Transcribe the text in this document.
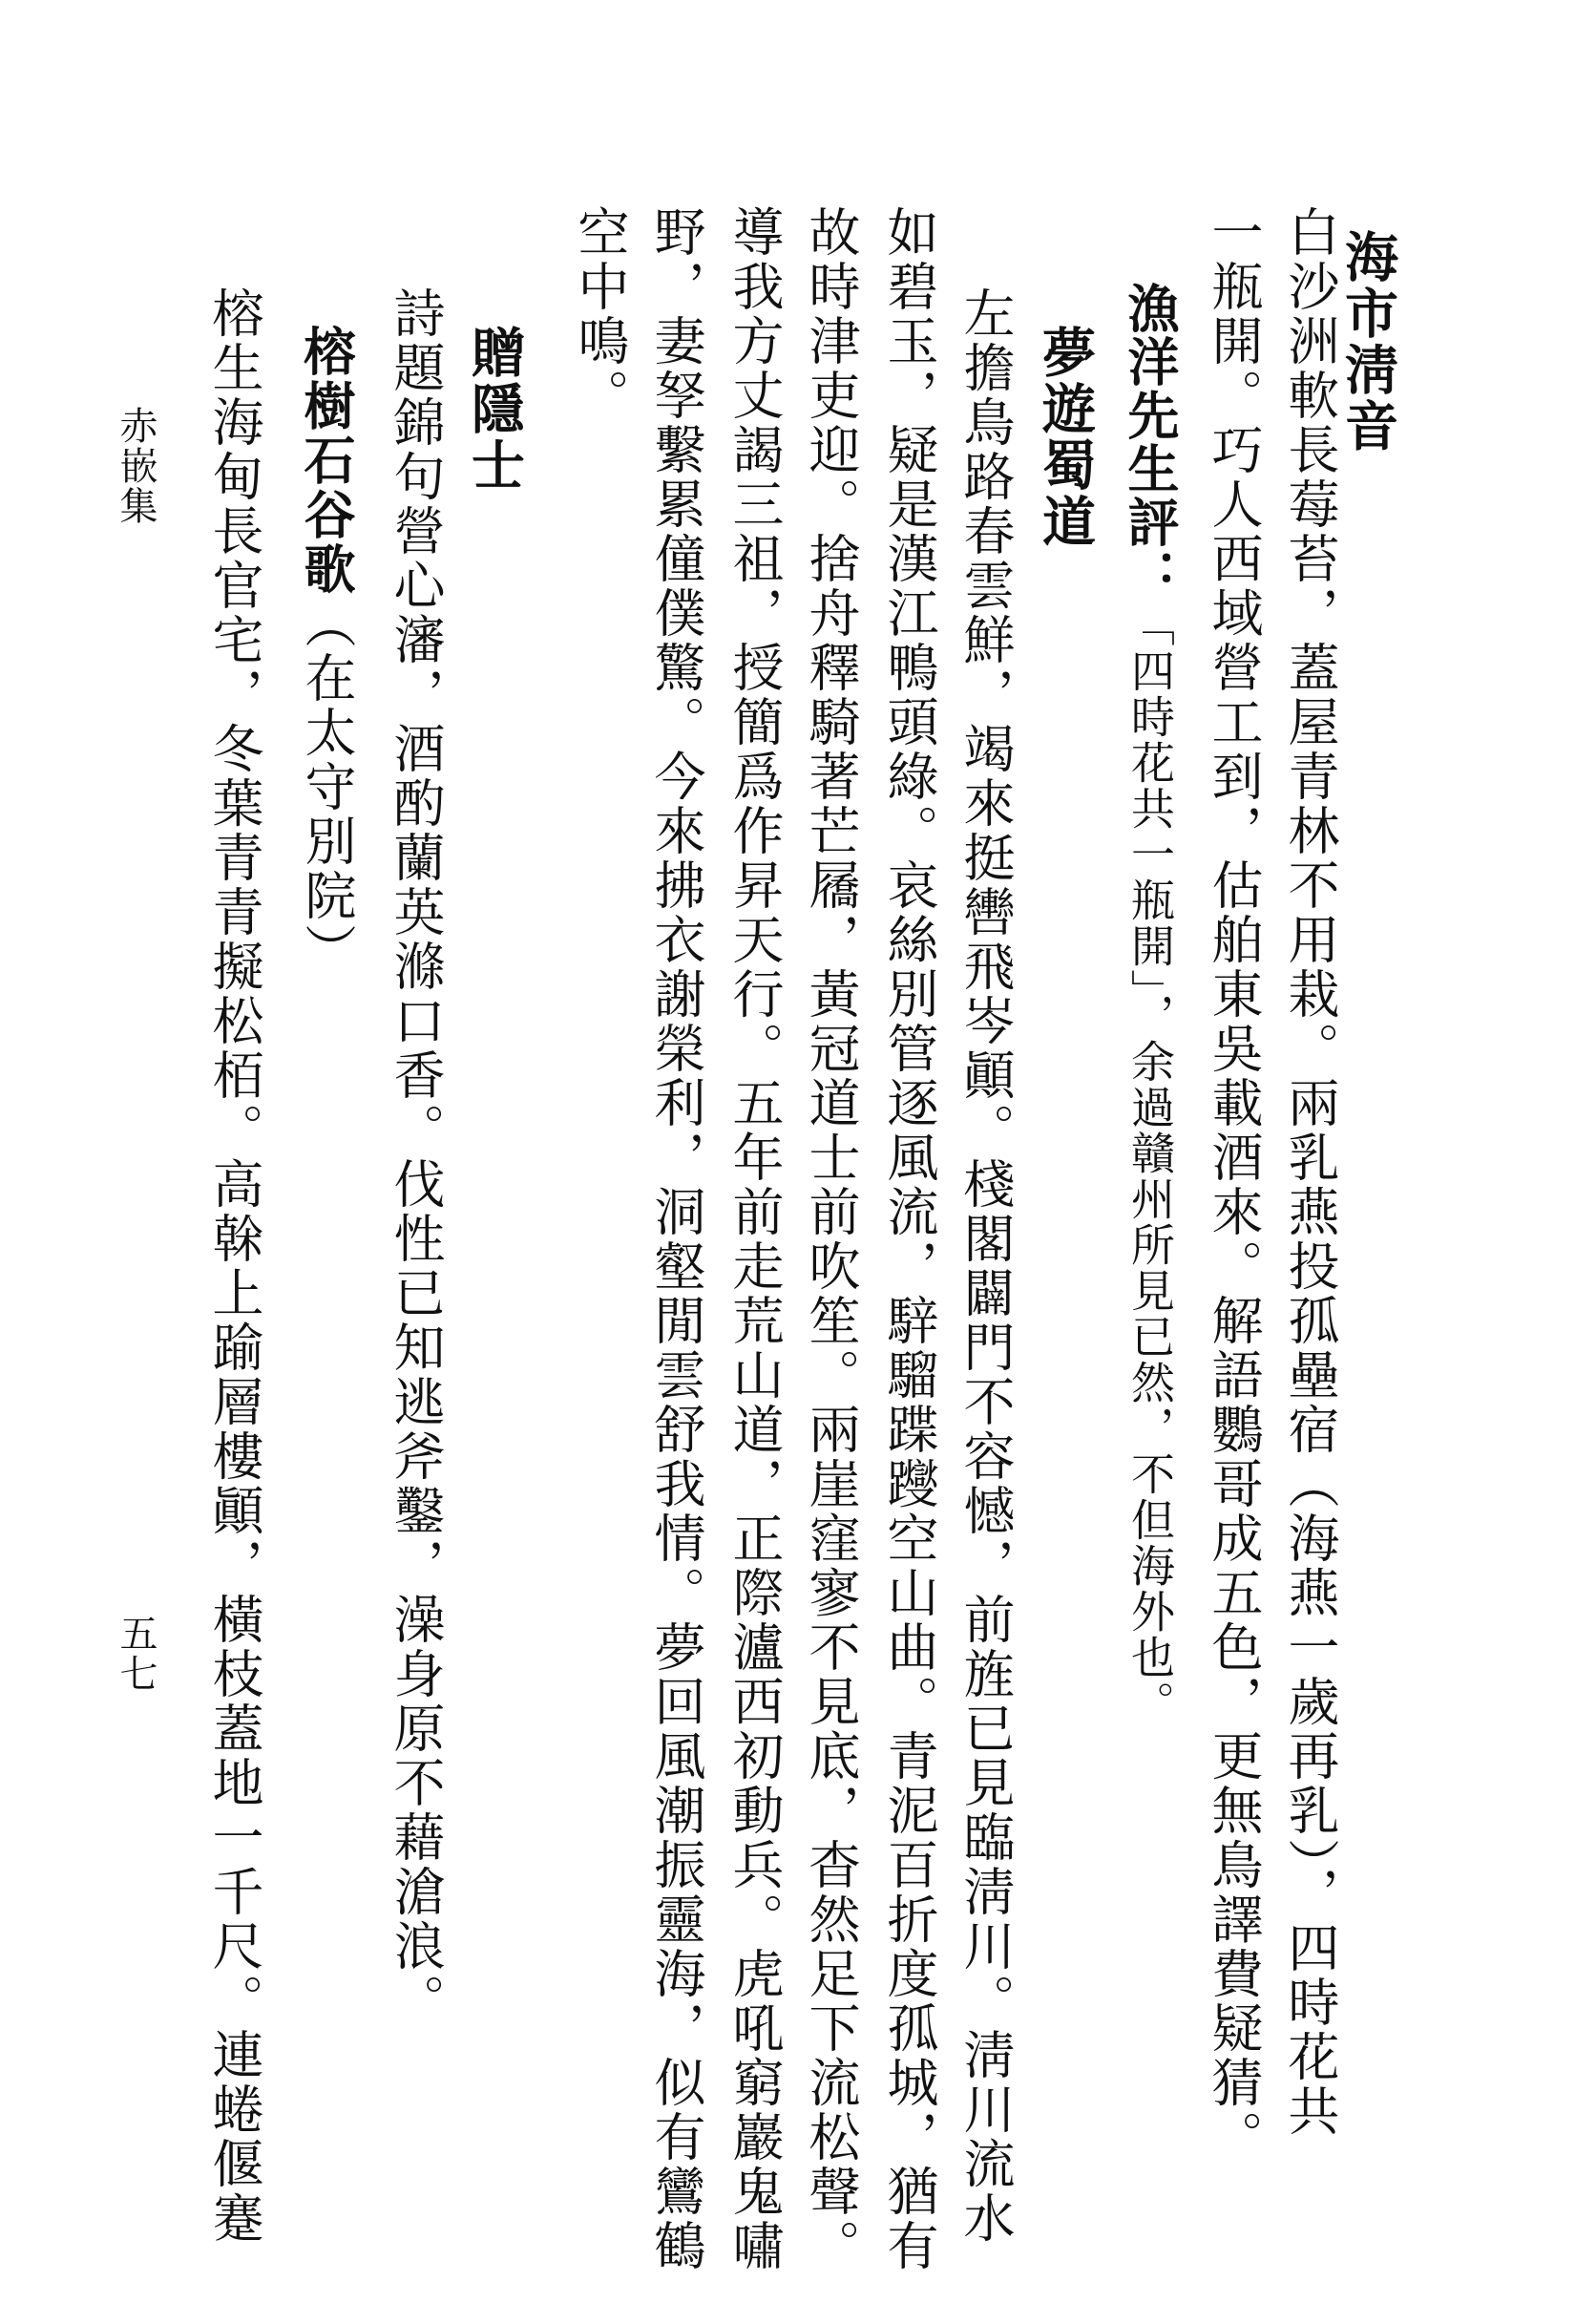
海市淸音
白沙洲軟長莓苔，蓋屋青林不用栽。兩乳燕投孤壘宿（海燕一歲再乳），四時花共
一瓶開。巧人西域營工到，估舶東吳載酒來。解語鸚哥成五色，更無鳥譯費疑猜。
漁洋先生評：「四時花共一瓶開」，余過贛州所見已然，不但海外也。
夢遊蜀道
左擔鳥路春雲鮮，竭來挺轡飛岑顚。棧閣闢門不容憾，前旌已見臨淸川。淸川流水
如碧玉，疑是漢江鴨頭綠。哀絲別管逐風流，騂騮蹀躞空山曲。青泥百折度孤城，猶有
故時津吏迎。捨舟釋騎著芒屩，黃冠道士前吹笙。兩崖窪寥不見底，杳然足下流松聲。
導我方丈謁三祖，授簡爲作昇天行。五年前走荒山道，正際瀘西初動兵。虎吼窮巖鬼嘯
野，妻孥繫累僮僕驚。今來拂衣謝榮利，洞壑閒雲舒我情。夢回風潮振靈海，似有鸞鶴
空中鳴。
贈隱士
詩題錦句營心瀋，酒酌蘭英滌口香。伐性已知逃斧鑿，澡身原不藉滄浪。
榕樹石谷歌（在太守別院）
榕生海甸長官宅，冬葉青青擬松栢。高榦上踰層樓顚，橫枝蓋地一千尺。連蜷偃蹇
赤嵌集
五七
